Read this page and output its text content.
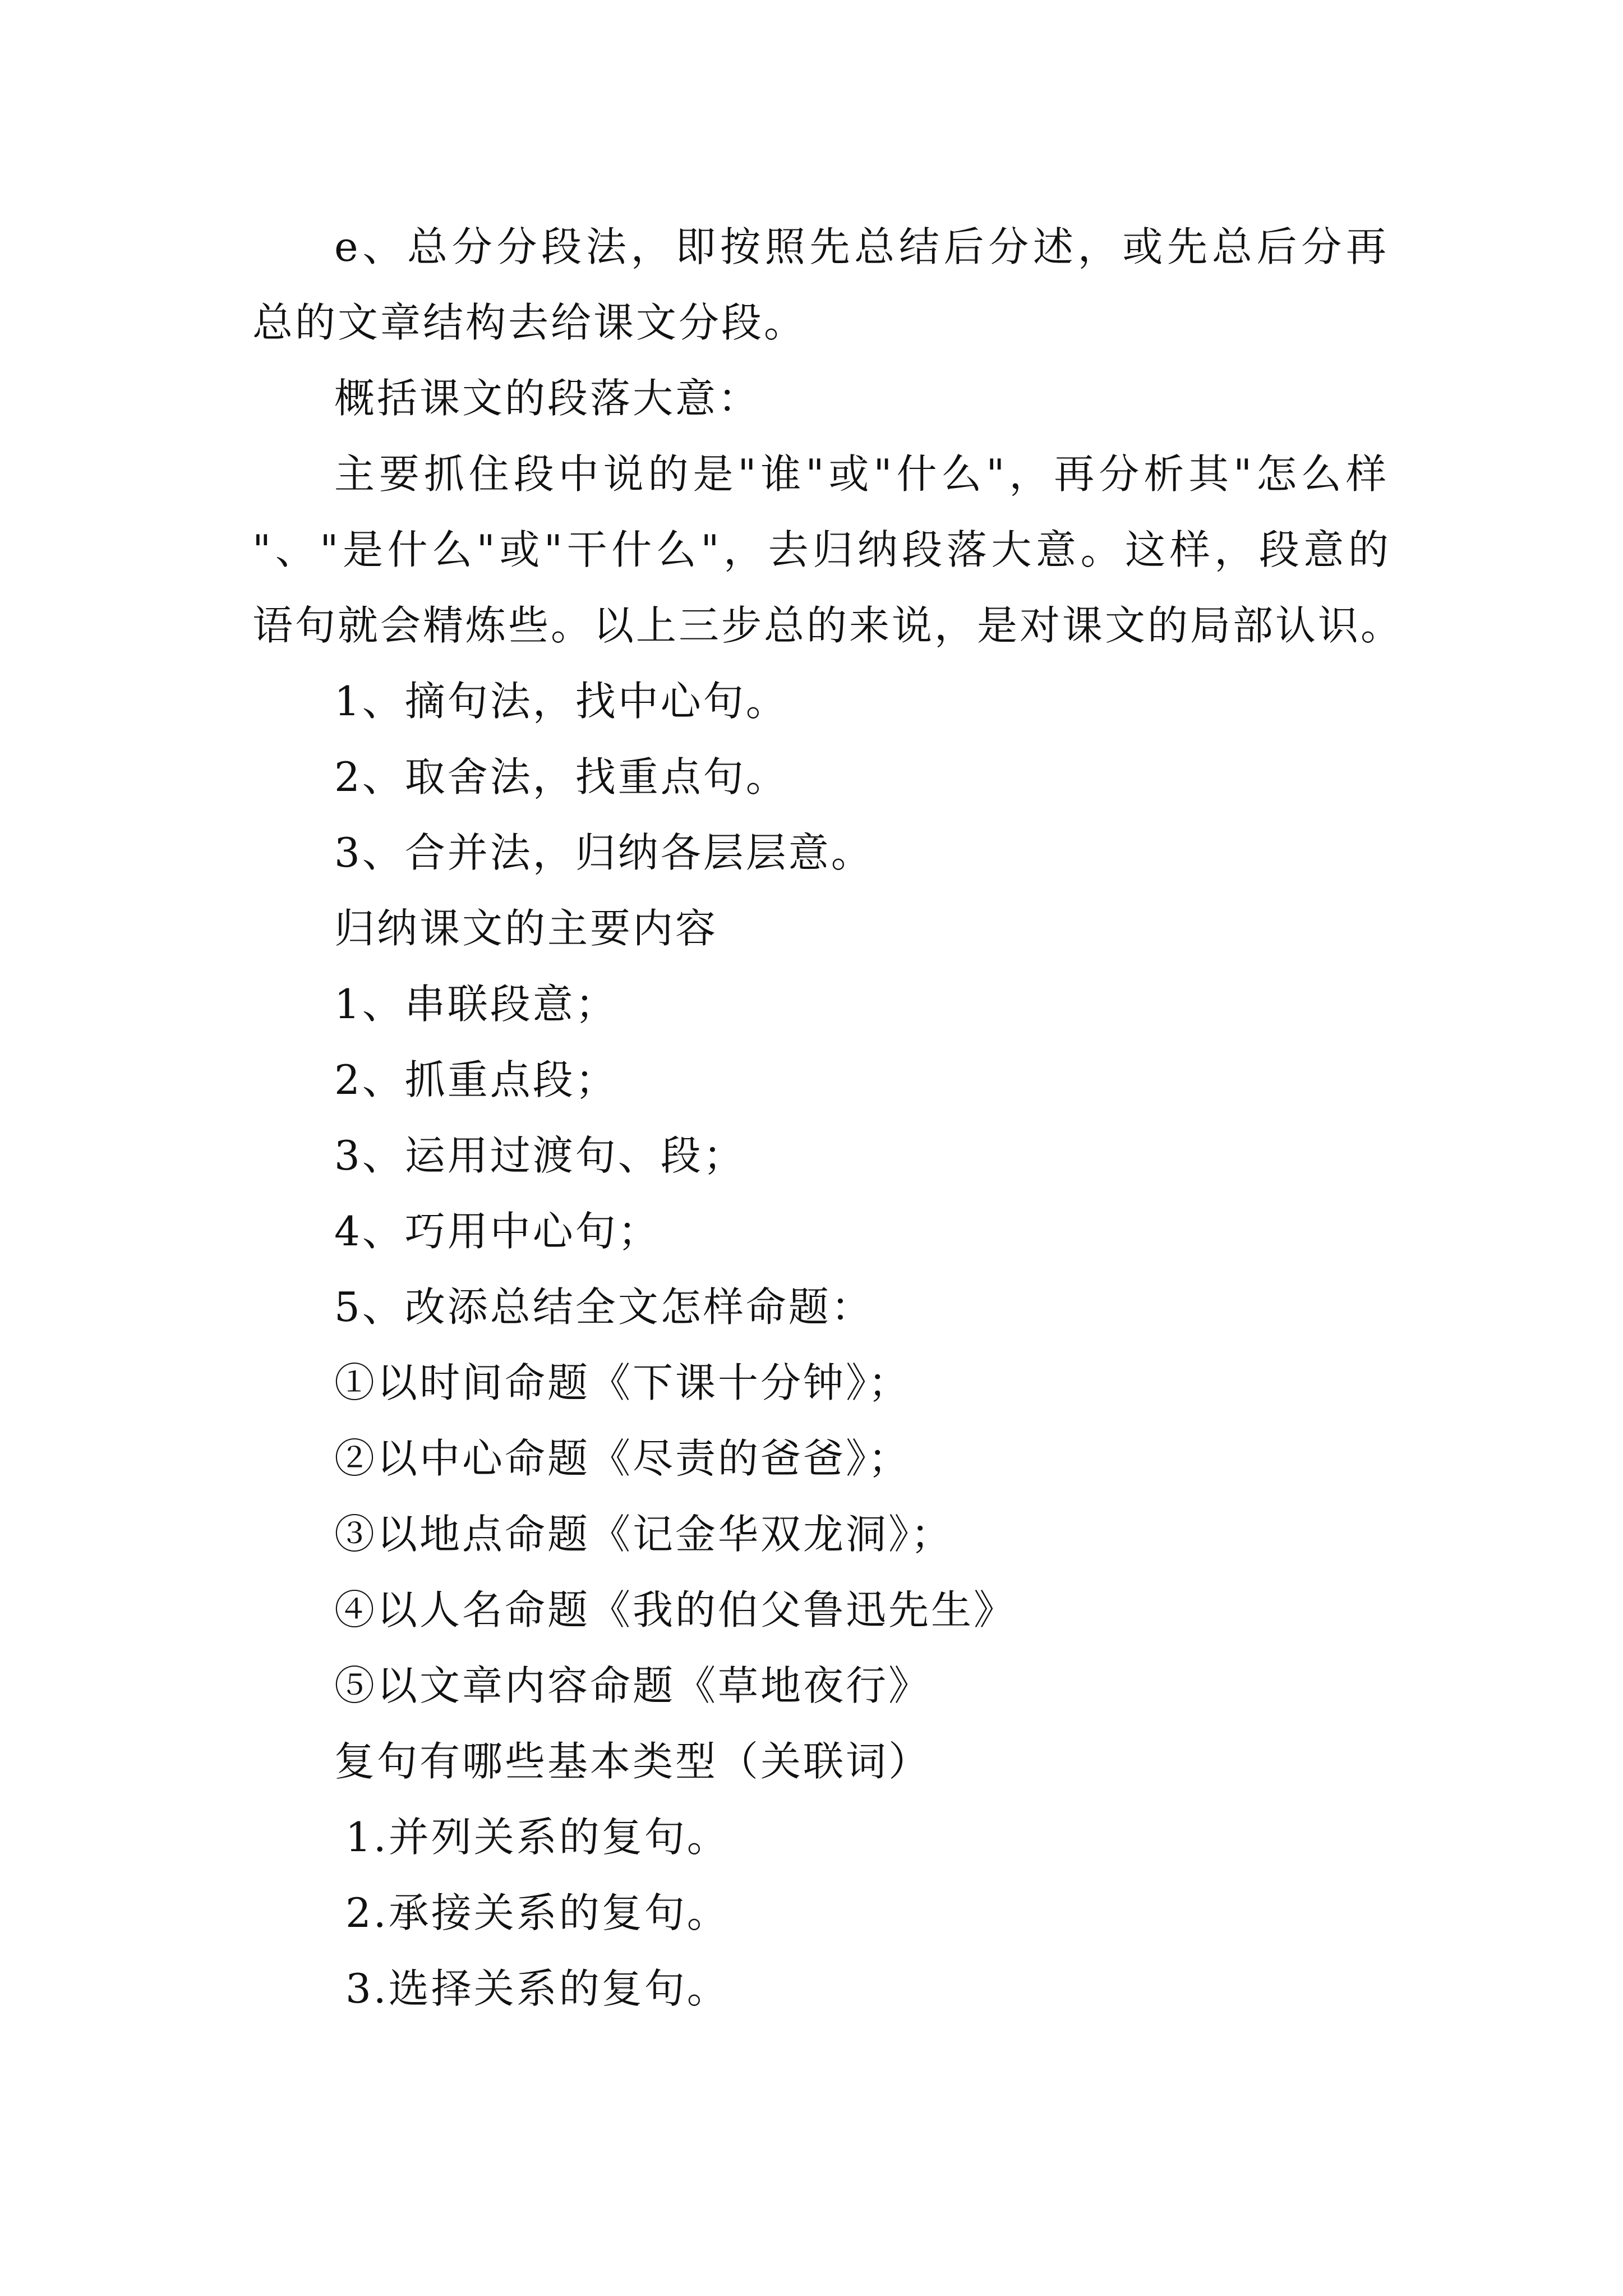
e、总分分段法，即按照先总结后分述，或先总后分再
总的文章结构去给课文分段。
概括课文的段落大意：
主要抓住段中说的是"谁"或"什么"，再分析其"怎么样
"、"是什么"或"干什么"，去归纳段落大意。这样，段意的
语句就会精炼些。以上三步总的来说，是对课文的局部认识。
1、摘句法，找中心句。
2、取舍法，找重点句。
3、合并法，归纳各层层意。
归纳课文的主要内容
1、串联段意；
2、抓重点段；
3、运用过渡句、段；
4、巧用中心句；
5、改添总结全文怎样命题：
①以时间命题《下课十分钟》；
②以中心命题《尽责的爸爸》；
③以地点命题《记金华双龙洞》；
④以人名命题《我的伯父鲁迅先生》
⑤以文章内容命题《草地夜行》
复句有哪些基本类型（关联词）
1.并列关系的复句。
2.承接关系的复句。
3.选择关系的复句。
